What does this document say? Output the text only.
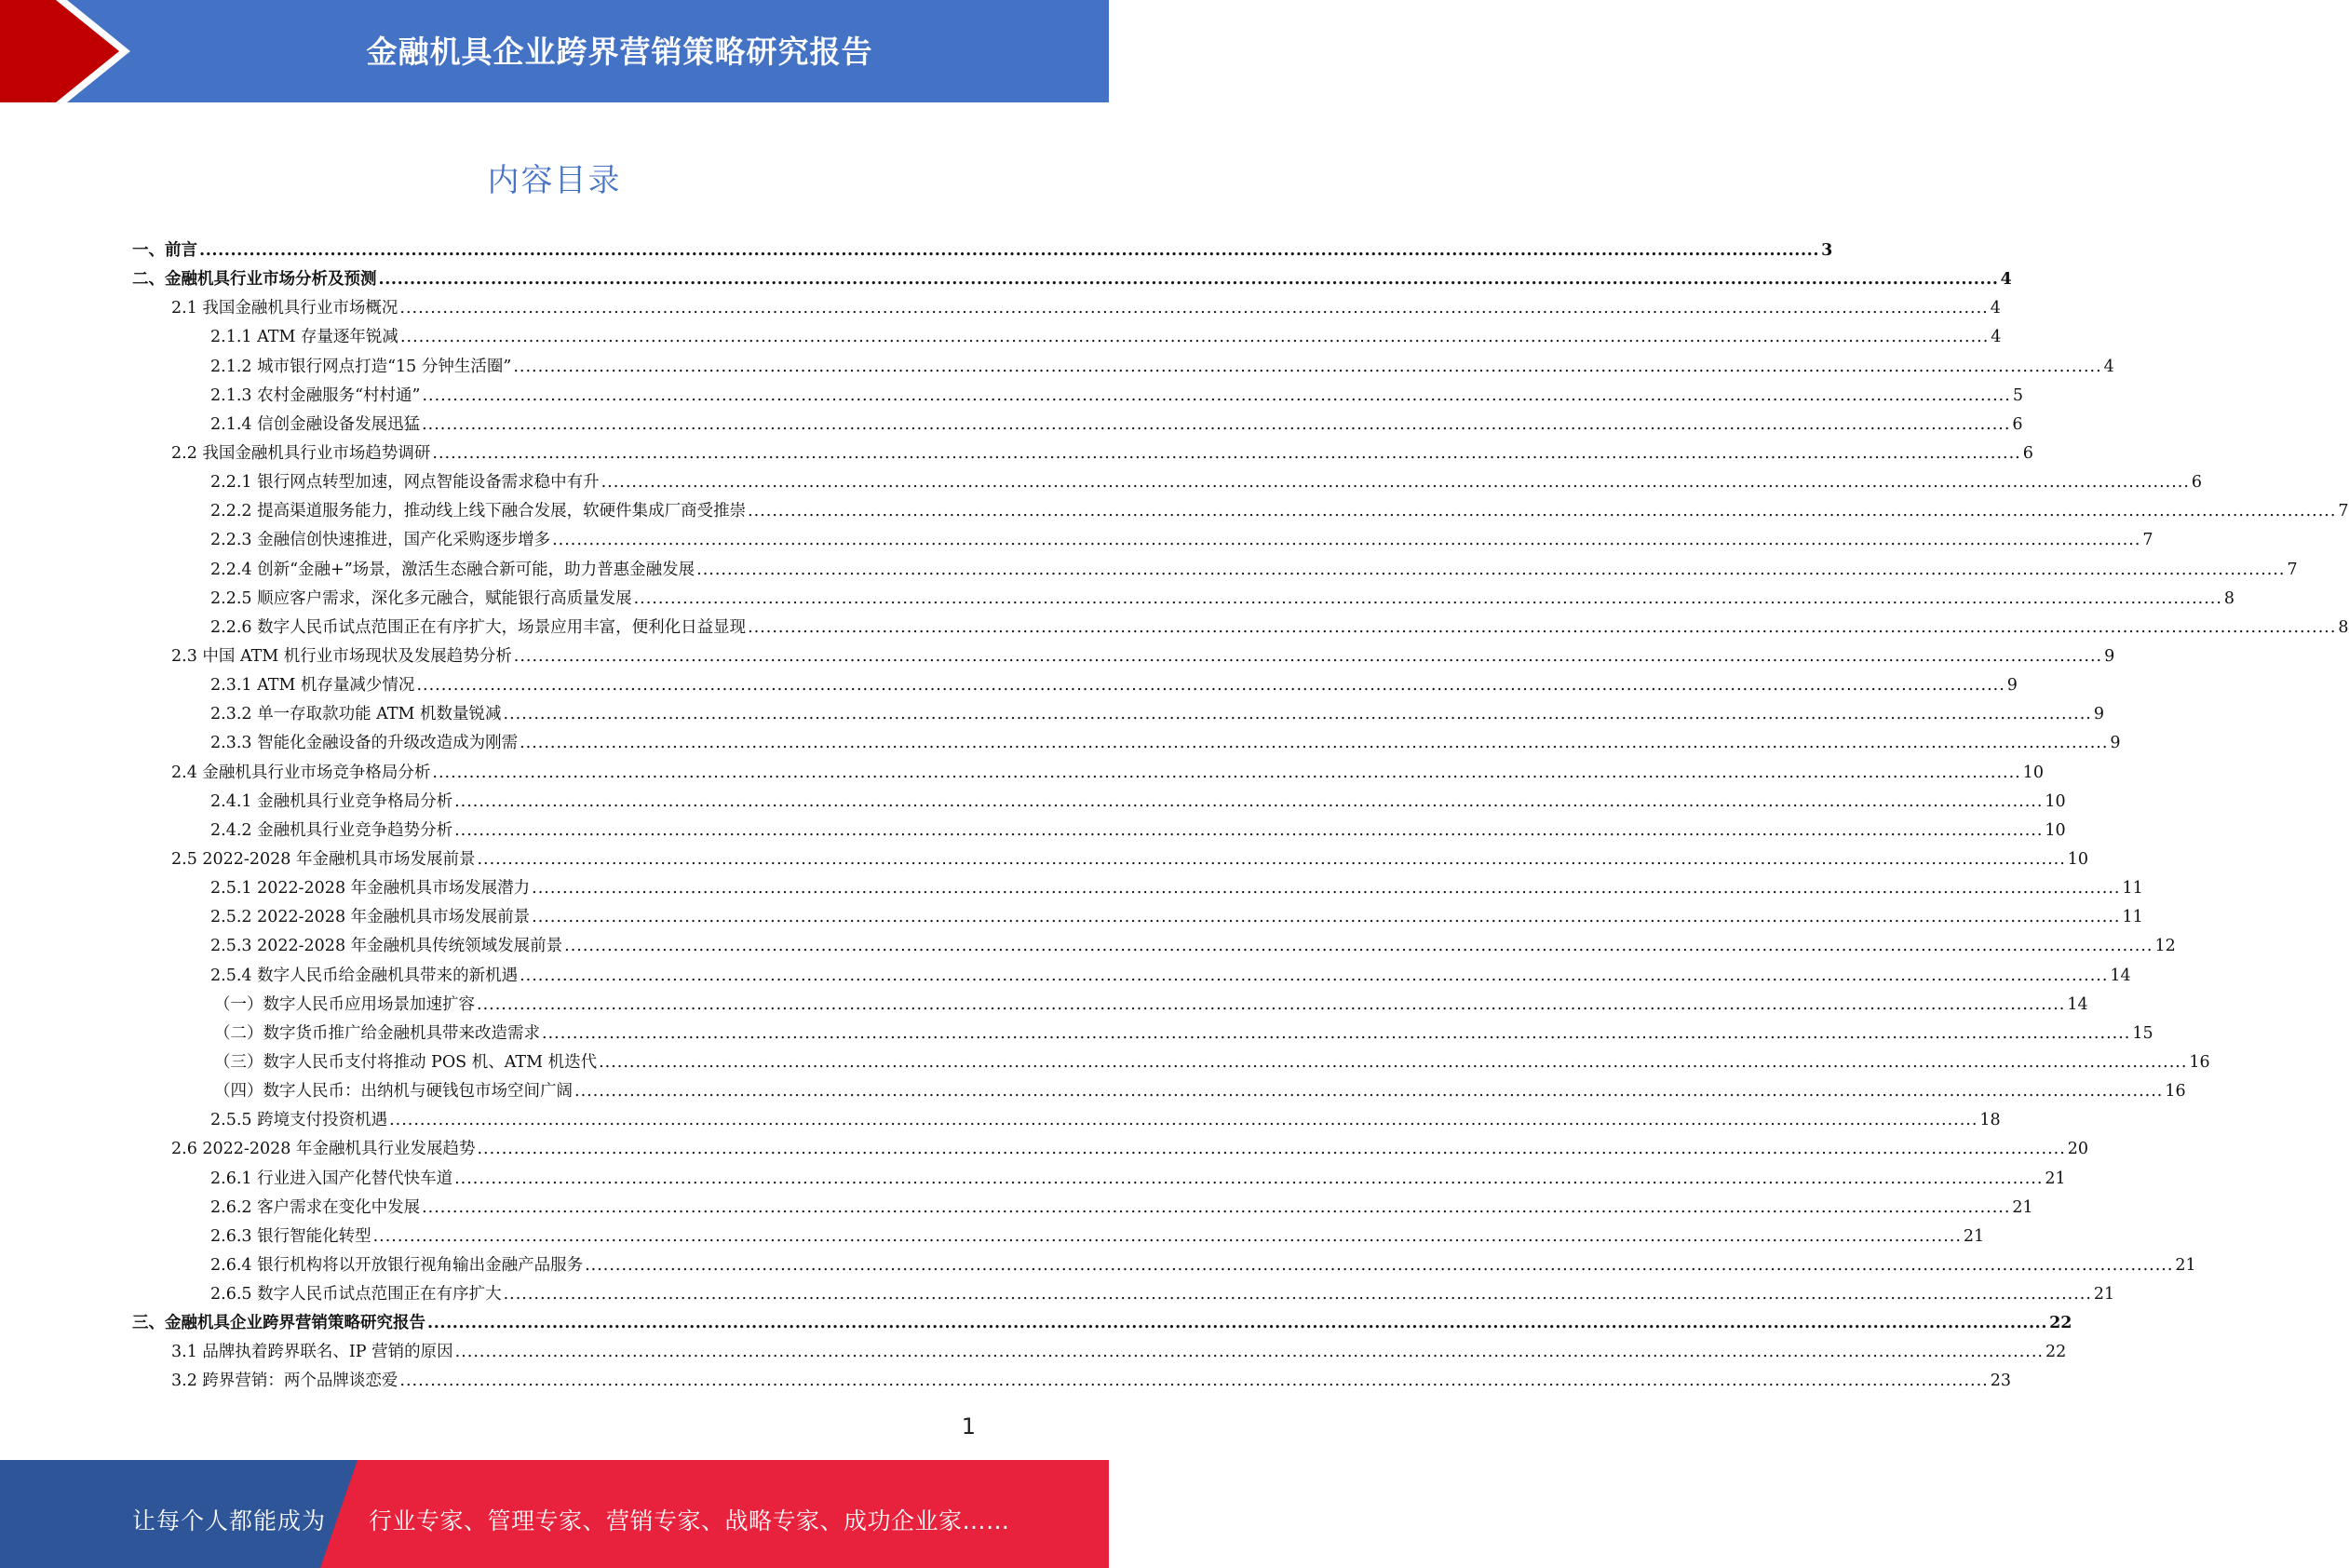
金融机具企业跨界营销策略研究报告
内容目录
一、前言 .................................................................................................................................................................................................................................................................... 3
二、金融机具行业市场分析及预测 .................................................................................................................................................................................................................................................................... 4
2.1 我国金融机具行业市场概况 .................................................................................................................................................................................................................................................................... 4
2.1.1 ATM 存量逐年锐减 .................................................................................................................................................................................................................................................................... 4
2.1.2 城市银行网点打造“15 分钟生活圈” .................................................................................................................................................................................................................................................................... 4
2.1.3 农村金融服务“村村通” .................................................................................................................................................................................................................................................................... 5
2.1.4 信创金融设备发展迅猛 .................................................................................................................................................................................................................................................................... 6
2.2 我国金融机具行业市场趋势调研 .................................................................................................................................................................................................................................................................... 6
2.2.1 银行网点转型加速，网点智能设备需求稳中有升 .................................................................................................................................................................................................................................................................... 6
2.2.2 提高渠道服务能力，推动线上线下融合发展，软硬件集成厂商受推崇 .................................................................................................................................................................................................................................................................... 7
2.2.3 金融信创快速推进，国产化采购逐步增多 .................................................................................................................................................................................................................................................................... 7
2.2.4 创新“金融+”场景，激活生态融合新可能，助力普惠金融发展 .................................................................................................................................................................................................................................................................... 7
2.2.5 顺应客户需求，深化多元融合，赋能银行高质量发展 .................................................................................................................................................................................................................................................................... 8
2.2.6 数字人民币试点范围正在有序扩大，场景应用丰富，便利化日益显现 .................................................................................................................................................................................................................................................................... 8
2.3 中国 ATM 机行业市场现状及发展趋势分析 .................................................................................................................................................................................................................................................................... 9
2.3.1 ATM 机存量减少情况 .................................................................................................................................................................................................................................................................... 9
2.3.2 单一存取款功能 ATM 机数量锐减 .................................................................................................................................................................................................................................................................... 9
2.3.3 智能化金融设备的升级改造成为刚需 .................................................................................................................................................................................................................................................................... 9
2.4 金融机具行业市场竞争格局分析 .................................................................................................................................................................................................................................................................... 10
2.4.1 金融机具行业竞争格局分析 .................................................................................................................................................................................................................................................................... 10
2.4.2 金融机具行业竞争趋势分析 .................................................................................................................................................................................................................................................................... 10
2.5 2022-2028 年金融机具市场发展前景 .................................................................................................................................................................................................................................................................... 10
2.5.1 2022-2028 年金融机具市场发展潜力 .................................................................................................................................................................................................................................................................... 11
2.5.2 2022-2028 年金融机具市场发展前景 .................................................................................................................................................................................................................................................................... 11
2.5.3 2022-2028 年金融机具传统领域发展前景 .................................................................................................................................................................................................................................................................... 12
2.5.4 数字人民币给金融机具带来的新机遇 .................................................................................................................................................................................................................................................................... 14
（一）数字人民币应用场景加速扩容 .................................................................................................................................................................................................................................................................... 14
（二）数字货币推广给金融机具带来改造需求 .................................................................................................................................................................................................................................................................... 15
（三）数字人民币支付将推动 POS 机、ATM 机迭代 .................................................................................................................................................................................................................................................................... 16
（四）数字人民币：出纳机与硬钱包市场空间广阔 .................................................................................................................................................................................................................................................................... 16
2.5.5 跨境支付投资机遇 .................................................................................................................................................................................................................................................................... 18
2.6 2022-2028 年金融机具行业发展趋势 .................................................................................................................................................................................................................................................................... 20
2.6.1 行业进入国产化替代快车道 .................................................................................................................................................................................................................................................................... 21
2.6.2 客户需求在变化中发展 .................................................................................................................................................................................................................................................................... 21
2.6.3 银行智能化转型 .................................................................................................................................................................................................................................................................... 21
2.6.4 银行机构将以开放银行视角输出金融产品服务 .................................................................................................................................................................................................................................................................... 21
2.6.5 数字人民币试点范围正在有序扩大 .................................................................................................................................................................................................................................................................... 21
三、金融机具企业跨界营销策略研究报告 .................................................................................................................................................................................................................................................................... 22
3.1 品牌执着跨界联名、IP 营销的原因 .................................................................................................................................................................................................................................................................... 22
3.2 跨界营销：两个品牌谈恋爱 .................................................................................................................................................................................................................................................................... 23
1
让每个人都能成为 行业专家、管理专家、营销专家、战略专家、成功企业家……
